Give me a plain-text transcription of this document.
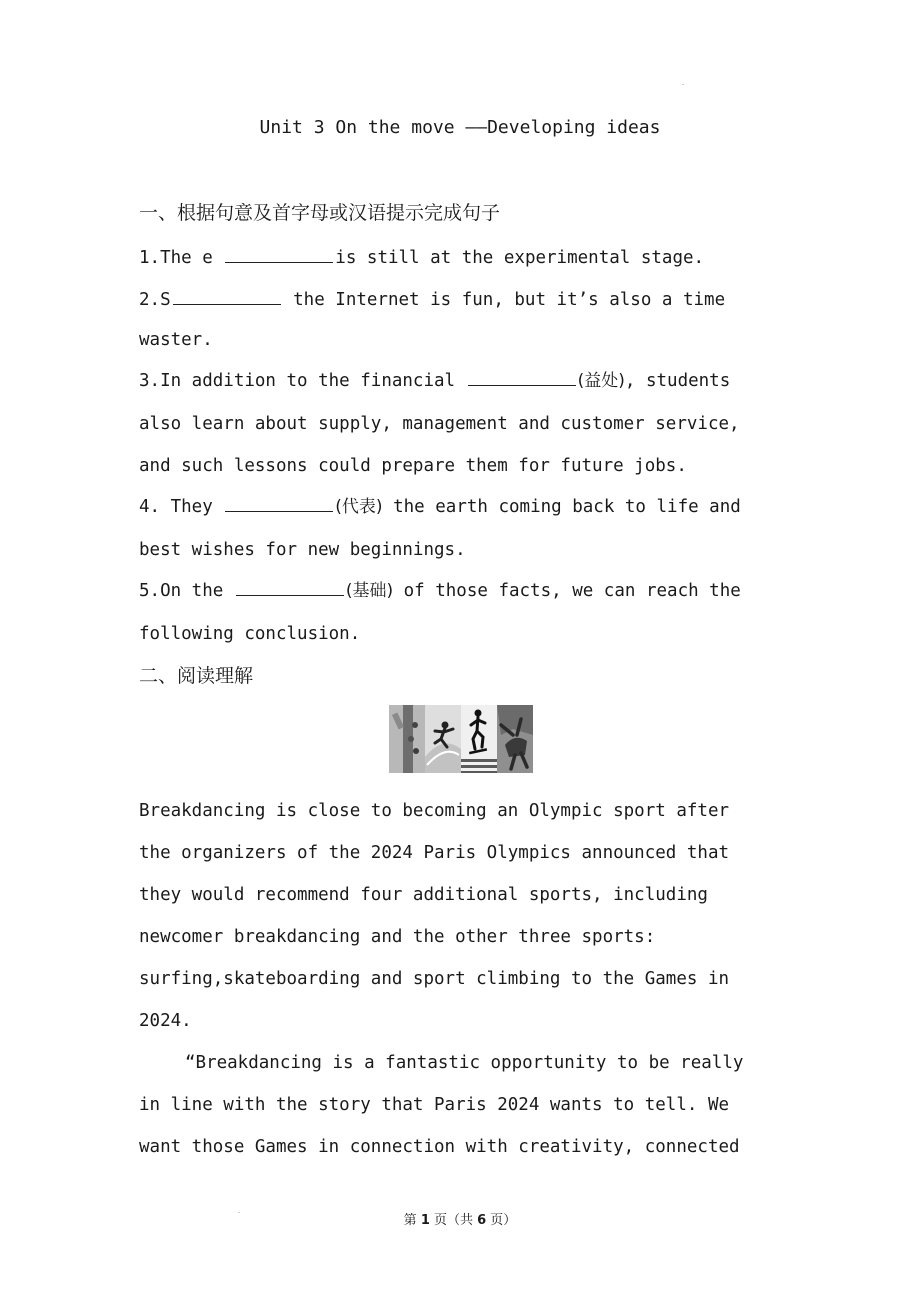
Unit 3 On the move ——Developing ideas
一、根据句意及首字母或汉语提示完成句子
1.The e	is still at the experimental stage.
2.S	the Internet is fun, but it’s also a time
waster.
3.In addition to the financial	(益处), students
also learn about supply, management and customer service,
and such lessons could prepare them for future jobs.
4. They	(代表) the earth coming back to life and
best wishes for new beginnings.
5.On the	(基础) of those facts, we can reach the
following conclusion.
二、阅读理解
Breakdancing is close to becoming an Olympic sport after
the organizers of the 2024 Paris Olympics announced that
they would recommend four additional sports, including
newcomer breakdancing and the other three sports:
surfing,skateboarding and sport climbing to the Games in
2024.
“Breakdancing is a fantastic opportunity to be really
in line with the story that Paris 2024 wants to tell. We
want those Games in connection with creativity, connected
第 1 页（共 6 页）
